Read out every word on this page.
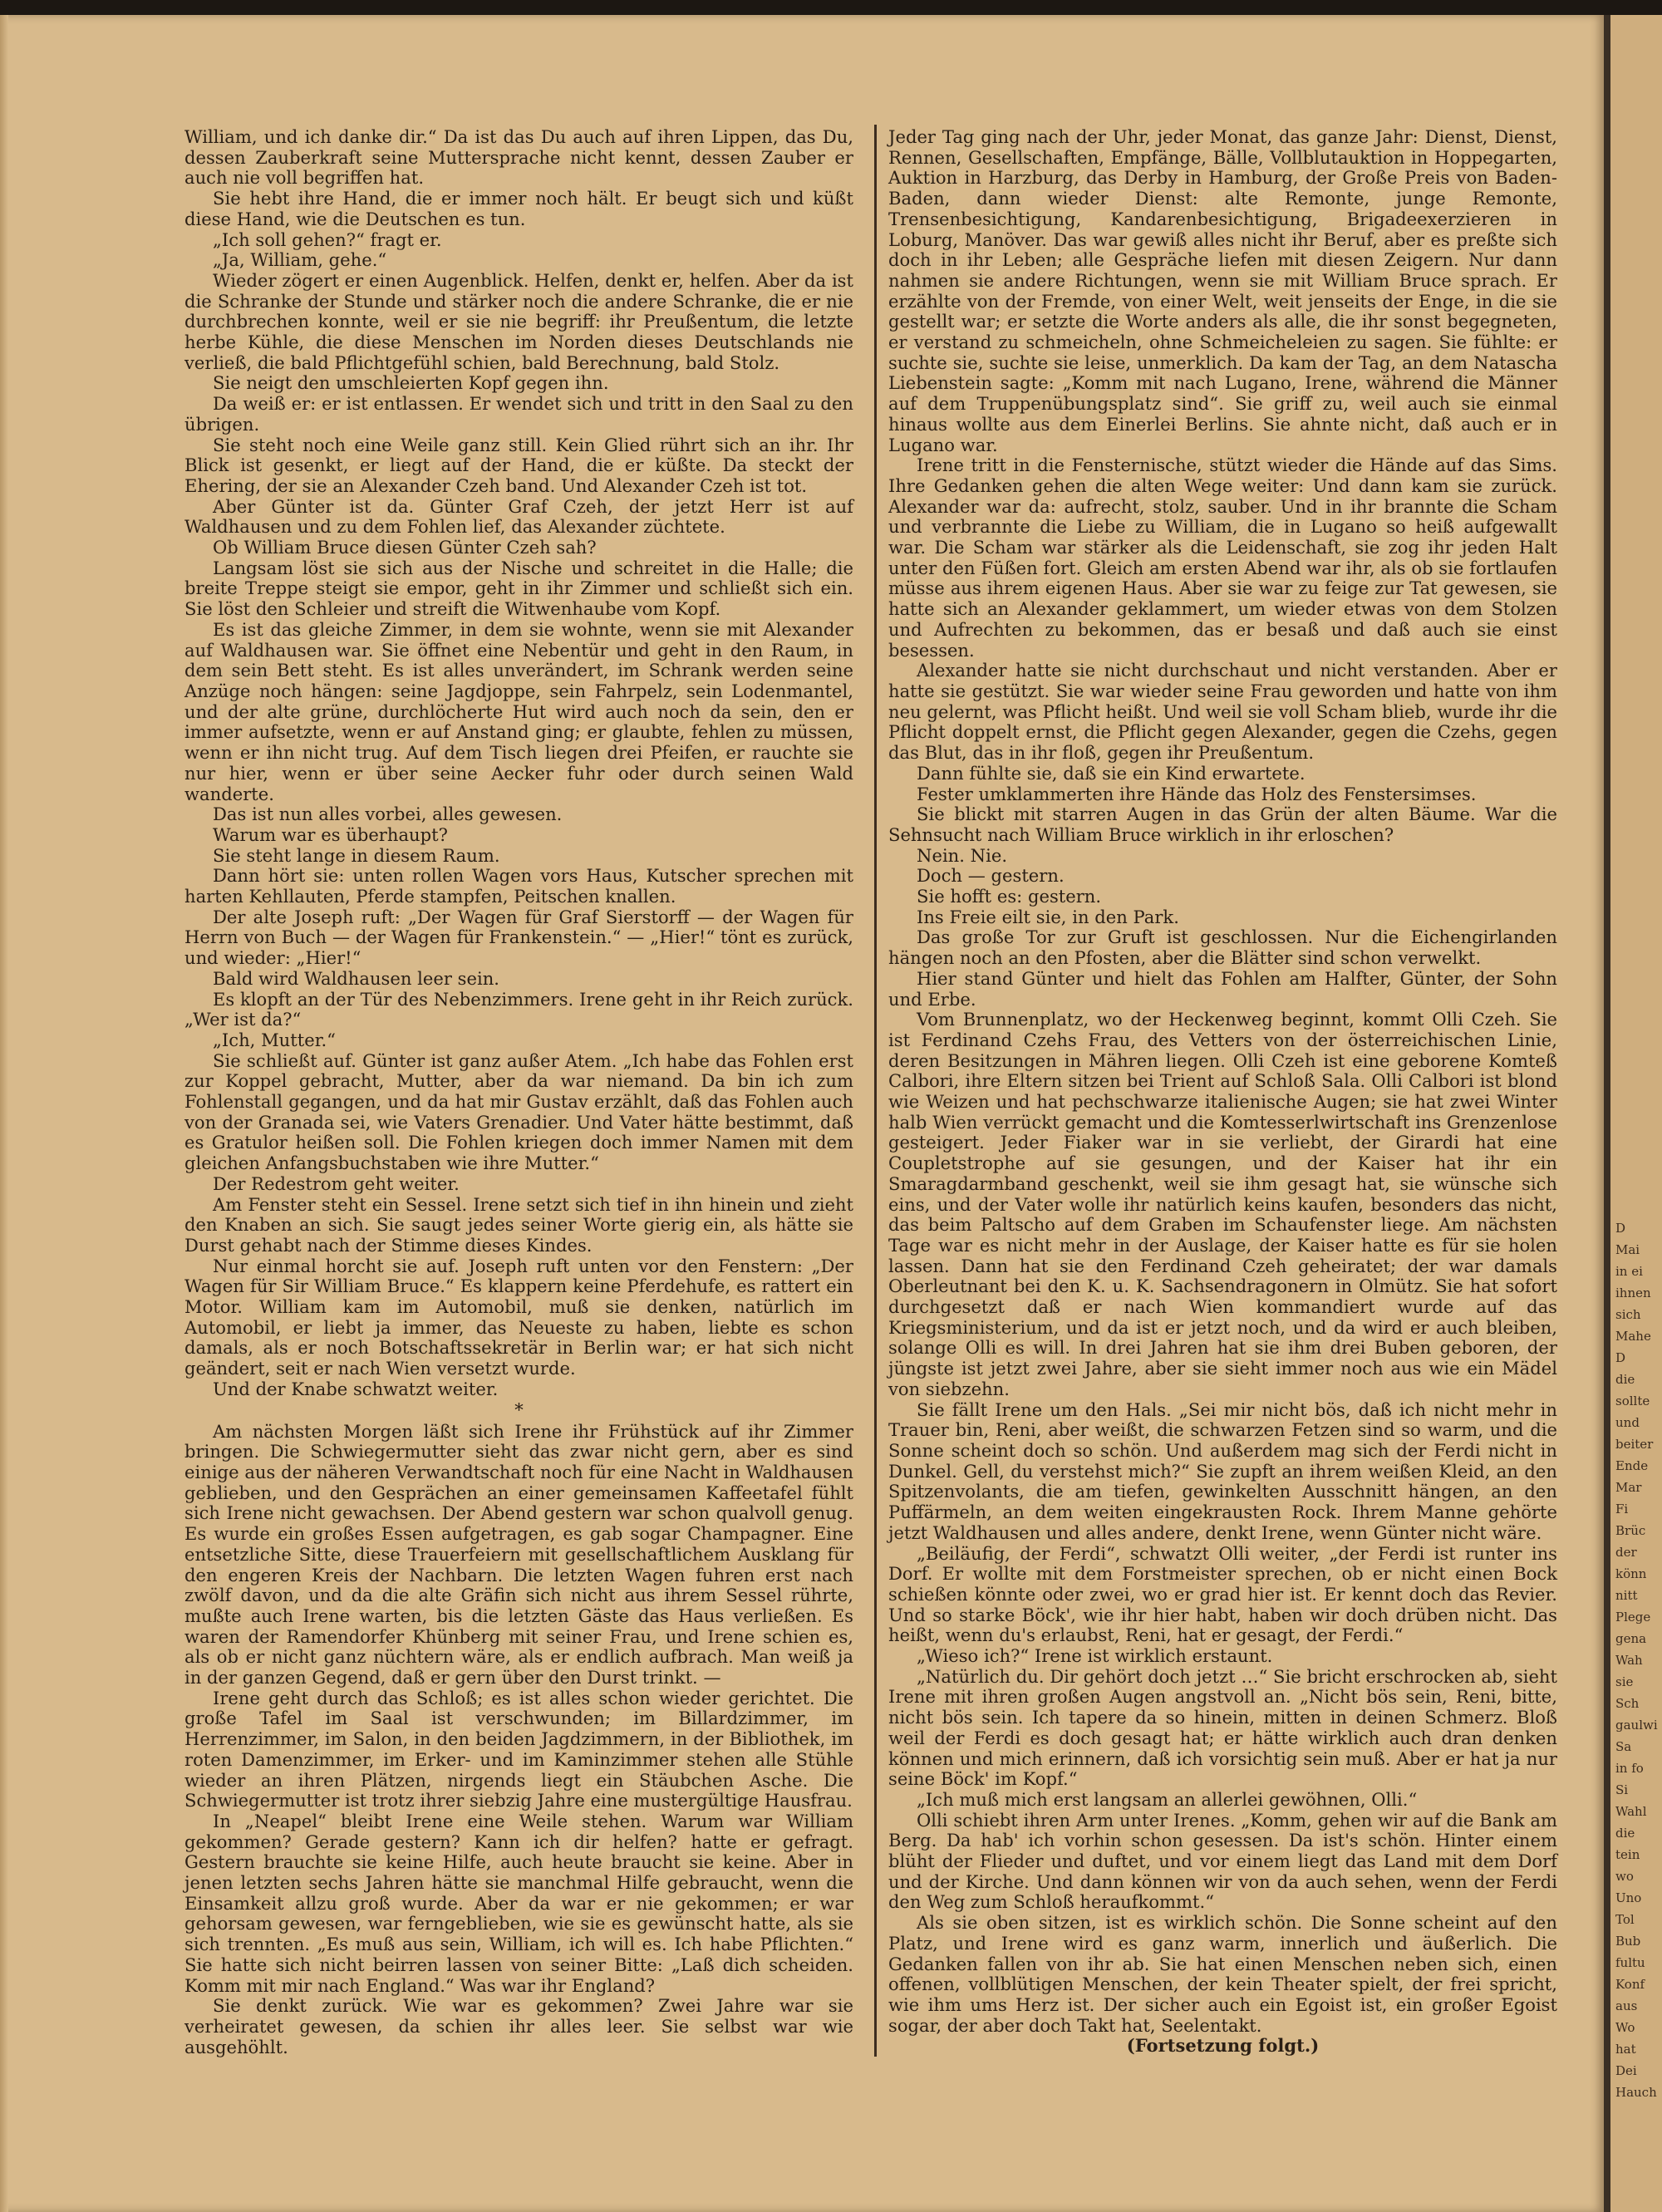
William, und ich danke dir.“ Da ist das Du auch auf ihren Lippen, das Du, dessen Zauberkraft seine Muttersprache nicht kennt, dessen Zauber er auch nie voll begriffen hat.

Sie hebt ihre Hand, die er immer noch hält. Er beugt sich und küßt diese Hand, wie die Deutschen es tun.

„Ich soll gehen?“ fragt er.

„Ja, William, gehe.“

Wieder zögert er einen Augenblick. Helfen, denkt er, helfen. Aber da ist die Schranke der Stunde und stärker noch die andere Schranke, die er nie durchbrechen konnte, weil er sie nie begriff: ihr Preußentum, die letzte herbe Kühle, die diese Menschen im Norden dieses Deutschlands nie verließ, die bald Pflichtgefühl schien, bald Berechnung, bald Stolz.

Sie neigt den umschleierten Kopf gegen ihn.

Da weiß er: er ist entlassen. Er wendet sich und tritt in den Saal zu den übrigen.

Sie steht noch eine Weile ganz still. Kein Glied rührt sich an ihr. Ihr Blick ist gesenkt, er liegt auf der Hand, die er küßte. Da steckt der Ehering, der sie an Alexander Czeh band. Und Alexander Czeh ist tot.

Aber Günter ist da. Günter Graf Czeh, der jetzt Herr ist auf Waldhausen und zu dem Fohlen lief, das Alexander züchtete.

Ob William Bruce diesen Günter Czeh sah?

Langsam löst sie sich aus der Nische und schreitet in die Halle; die breite Treppe steigt sie empor, geht in ihr Zimmer und schließt sich ein. Sie löst den Schleier und streift die Witwenhaube vom Kopf.

Es ist das gleiche Zimmer, in dem sie wohnte, wenn sie mit Alexander auf Waldhausen war. Sie öffnet eine Nebentür und geht in den Raum, in dem sein Bett steht. Es ist alles unverändert, im Schrank werden seine Anzüge noch hängen: seine Jagdjoppe, sein Fahrpelz, sein Lodenmantel, und der alte grüne, durchlöcherte Hut wird auch noch da sein, den er immer aufsetzte, wenn er auf Anstand ging; er glaubte, fehlen zu müssen, wenn er ihn nicht trug. Auf dem Tisch liegen drei Pfeifen, er rauchte sie nur hier, wenn er über seine Aecker fuhr oder durch seinen Wald wanderte.

Das ist nun alles vorbei, alles gewesen.

Warum war es überhaupt?

Sie steht lange in diesem Raum.

Dann hört sie: unten rollen Wagen vors Haus, Kutscher sprechen mit harten Kehllauten, Pferde stampfen, Peitschen knallen.

Der alte Joseph ruft: „Der Wagen für Graf Sierstorff — der Wagen für Herrn von Buch — der Wagen für Frankenstein.“ — „Hier!“ tönt es zurück, und wieder: „Hier!“

Bald wird Waldhausen leer sein.

Es klopft an der Tür des Nebenzimmers. Irene geht in ihr Reich zurück. „Wer ist da?“

„Ich, Mutter.“

Sie schließt auf. Günter ist ganz außer Atem. „Ich habe das Fohlen erst zur Koppel gebracht, Mutter, aber da war niemand. Da bin ich zum Fohlenstall gegangen, und da hat mir Gustav erzählt, daß das Fohlen auch von der Granada sei, wie Vaters Grenadier. Und Vater hätte bestimmt, daß es Gratulor heißen soll. Die Fohlen kriegen doch immer Namen mit dem gleichen Anfangsbuchstaben wie ihre Mutter.“

Der Redestrom geht weiter.

Am Fenster steht ein Sessel. Irene setzt sich tief in ihn hinein und zieht den Knaben an sich. Sie saugt jedes seiner Worte gierig ein, als hätte sie Durst gehabt nach der Stimme dieses Kindes.

Nur einmal horcht sie auf. Joseph ruft unten vor den Fenstern: „Der Wagen für Sir William Bruce.“ Es klappern keine Pferdehufe, es rattert ein Motor. William kam im Automobil, muß sie denken, natürlich im Automobil, er liebt ja immer, das Neueste zu haben, liebte es schon damals, als er noch Botschaftssekretär in Berlin war; er hat sich nicht geändert, seit er nach Wien versetzt wurde.

Und der Knabe schwatzt weiter.

*

Am nächsten Morgen läßt sich Irene ihr Frühstück auf ihr Zimmer bringen. Die Schwiegermutter sieht das zwar nicht gern, aber es sind einige aus der näheren Verwandtschaft noch für eine Nacht in Waldhausen geblieben, und den Gesprächen an einer gemeinsamen Kaffeetafel fühlt sich Irene nicht gewachsen. Der Abend gestern war schon qualvoll genug. Es wurde ein großes Essen aufgetragen, es gab sogar Champagner. Eine entsetzliche Sitte, diese Trauerfeiern mit gesellschaftlichem Ausklang für den engeren Kreis der Nachbarn. Die letzten Wagen fuhren erst nach zwölf davon, und da die alte Gräfin sich nicht aus ihrem Sessel rührte, mußte auch Irene warten, bis die letzten Gäste das Haus verließen. Es waren der Ramendorfer Khünberg mit seiner Frau, und Irene schien es, als ob er nicht ganz nüchtern wäre, als er endlich aufbrach. Man weiß ja in der ganzen Gegend, daß er gern über den Durst trinkt. —

Irene geht durch das Schloß; es ist alles schon wieder gerichtet. Die große Tafel im Saal ist verschwunden; im Billardzimmer, im Herrenzimmer, im Salon, in den beiden Jagdzimmern, in der Bibliothek, im roten Damenzimmer, im Erker- und im Kaminzimmer stehen alle Stühle wieder an ihren Plätzen, nirgends liegt ein Stäubchen Asche. Die Schwiegermutter ist trotz ihrer siebzig Jahre eine mustergültige Hausfrau.

In „Neapel“ bleibt Irene eine Weile stehen. Warum war William gekommen? Gerade gestern? Kann ich dir helfen? hatte er gefragt. Gestern brauchte sie keine Hilfe, auch heute braucht sie keine. Aber in jenen letzten sechs Jahren hätte sie manchmal Hilfe gebraucht, wenn die Einsamkeit allzu groß wurde. Aber da war er nie gekommen; er war gehorsam gewesen, war ferngeblieben, wie sie es gewünscht hatte, als sie sich trennten. „Es muß aus sein, William, ich will es. Ich habe Pflichten.“ Sie hatte sich nicht beirren lassen von seiner Bitte: „Laß dich scheiden. Komm mit mir nach England.“ Was war ihr England?

Sie denkt zurück. Wie war es gekommen? Zwei Jahre war sie verheiratet gewesen, da schien ihr alles leer. Sie selbst war wie ausgehöhlt.

Jeder Tag ging nach der Uhr, jeder Monat, das ganze Jahr: Dienst, Dienst, Rennen, Gesellschaften, Empfänge, Bälle, Vollblutauktion in Hoppegarten, Auktion in Harzburg, das Derby in Hamburg, der Große Preis von Baden-Baden, dann wieder Dienst: alte Remonte, junge Remonte, Trensenbesichtigung, Kandarenbesichtigung, Brigadeexerzieren in Loburg, Manöver. Das war gewiß alles nicht ihr Beruf, aber es preßte sich doch in ihr Leben; alle Gespräche liefen mit diesen Zeigern. Nur dann nahmen sie andere Richtungen, wenn sie mit William Bruce sprach. Er erzählte von der Fremde, von einer Welt, weit jenseits der Enge, in die sie gestellt war; er setzte die Worte anders als alle, die ihr sonst begegneten, er verstand zu schmeicheln, ohne Schmeicheleien zu sagen. Sie fühlte: er suchte sie, suchte sie leise, unmerklich. Da kam der Tag, an dem Natascha Liebenstein sagte: „Komm mit nach Lugano, Irene, während die Männer auf dem Truppenübungsplatz sind“. Sie griff zu, weil auch sie einmal hinaus wollte aus dem Einerlei Berlins. Sie ahnte nicht, daß auch er in Lugano war.

Irene tritt in die Fensternische, stützt wieder die Hände auf das Sims. Ihre Gedanken gehen die alten Wege weiter: Und dann kam sie zurück. Alexander war da: aufrecht, stolz, sauber. Und in ihr brannte die Scham und verbrannte die Liebe zu William, die in Lugano so heiß aufgewallt war. Die Scham war stärker als die Leidenschaft, sie zog ihr jeden Halt unter den Füßen fort. Gleich am ersten Abend war ihr, als ob sie fortlaufen müsse aus ihrem eigenen Haus. Aber sie war zu feige zur Tat gewesen, sie hatte sich an Alexander geklammert, um wieder etwas von dem Stolzen und Aufrechten zu bekommen, das er besaß und daß auch sie einst besessen.

Alexander hatte sie nicht durchschaut und nicht verstanden. Aber er hatte sie gestützt. Sie war wieder seine Frau geworden und hatte von ihm neu gelernt, was Pflicht heißt. Und weil sie voll Scham blieb, wurde ihr die Pflicht doppelt ernst, die Pflicht gegen Alexander, gegen die Czehs, gegen das Blut, das in ihr floß, gegen ihr Preußentum.

Dann fühlte sie, daß sie ein Kind erwartete.

Fester umklammerten ihre Hände das Holz des Fenstersimses.

Sie blickt mit starren Augen in das Grün der alten Bäume. War die Sehnsucht nach William Bruce wirklich in ihr erloschen?

Nein. Nie.

Doch — gestern.

Sie hofft es: gestern.

Ins Freie eilt sie, in den Park.

Das große Tor zur Gruft ist geschlossen. Nur die Eichengirlanden hängen noch an den Pfosten, aber die Blätter sind schon verwelkt.

Hier stand Günter und hielt das Fohlen am Halfter, Günter, der Sohn und Erbe.

Vom Brunnenplatz, wo der Heckenweg beginnt, kommt Olli Czeh. Sie ist Ferdinand Czehs Frau, des Vetters von der österreichischen Linie, deren Besitzungen in Mähren liegen. Olli Czeh ist eine geborene Komteß Calbori, ihre Eltern sitzen bei Trient auf Schloß Sala. Olli Calbori ist blond wie Weizen und hat pechschwarze italienische Augen; sie hat zwei Winter halb Wien verrückt gemacht und die Komtesserlwirtschaft ins Grenzenlose gesteigert. Jeder Fiaker war in sie verliebt, der Girardi hat eine Coupletstrophe auf sie gesungen, und der Kaiser hat ihr ein Smaragdarmband geschenkt, weil sie ihm gesagt hat, sie wünsche sich eins, und der Vater wolle ihr natürlich keins kaufen, besonders das nicht, das beim Paltscho auf dem Graben im Schaufenster liege. Am nächsten Tage war es nicht mehr in der Auslage, der Kaiser hatte es für sie holen lassen. Dann hat sie den Ferdinand Czeh geheiratet; der war damals Oberleutnant bei den K. u. K. Sachsendragonern in Olmütz. Sie hat sofort durchgesetzt daß er nach Wien kommandiert wurde auf das Kriegsministerium, und da ist er jetzt noch, und da wird er auch bleiben, solange Olli es will. In drei Jahren hat sie ihm drei Buben geboren, der jüngste ist jetzt zwei Jahre, aber sie sieht immer noch aus wie ein Mädel von siebzehn.

Sie fällt Irene um den Hals. „Sei mir nicht bös, daß ich nicht mehr in Trauer bin, Reni, aber weißt, die schwarzen Fetzen sind so warm, und die Sonne scheint doch so schön. Und außerdem mag sich der Ferdi nicht in Dunkel. Gell, du verstehst mich?“ Sie zupft an ihrem weißen Kleid, an den Spitzenvolants, die am tiefen, gewinkelten Ausschnitt hängen, an den Puffärmeln, an dem weiten eingekrausten Rock. Ihrem Manne gehörte jetzt Waldhausen und alles andere, denkt Irene, wenn Günter nicht wäre.

„Beiläufig, der Ferdi“, schwatzt Olli weiter, „der Ferdi ist runter ins Dorf. Er wollte mit dem Forstmeister sprechen, ob er nicht einen Bock schießen könnte oder zwei, wo er grad hier ist. Er kennt doch das Revier. Und so starke Böck', wie ihr hier habt, haben wir doch drüben nicht. Das heißt, wenn du's erlaubst, Reni, hat er gesagt, der Ferdi.“

„Wieso ich?“ Irene ist wirklich erstaunt.

„Natürlich du. Dir gehört doch jetzt …“ Sie bricht erschrocken ab, sieht Irene mit ihren großen Augen angstvoll an. „Nicht bös sein, Reni, bitte, nicht bös sein. Ich tapere da so hinein, mitten in deinen Schmerz. Bloß weil der Ferdi es doch gesagt hat; er hätte wirklich auch dran denken können und mich erinnern, daß ich vorsichtig sein muß. Aber er hat ja nur seine Böck' im Kopf.“

„Ich muß mich erst langsam an allerlei gewöhnen, Olli.“

Olli schiebt ihren Arm unter Irenes. „Komm, gehen wir auf die Bank am Berg. Da hab' ich vorhin schon gesessen. Da ist's schön. Hinter einem blüht der Flieder und duftet, und vor einem liegt das Land mit dem Dorf und der Kirche. Und dann können wir von da auch sehen, wenn der Ferdi den Weg zum Schloß heraufkommt.“

Als sie oben sitzen, ist es wirklich schön. Die Sonne scheint auf den Platz, und Irene wird es ganz warm, innerlich und äußerlich. Die Gedanken fallen von ihr ab. Sie hat einen Menschen neben sich, einen offenen, vollblütigen Menschen, der kein Theater spielt, der frei spricht, wie ihm ums Herz ist. Der sicher auch ein Egoist ist, ein großer Egoist sogar, der aber doch Takt hat, Seelentakt.

(Fortsetzung folgt.)

D
Mai
in ei
ihnen
sich
Mahe
D
die
sollte
und
beiter
Ende
Mar
Fi
Brüc
der
könn
nitt
Plege
gena
Wah
sie
Sch
gaulwi
Sa
in fo
Si
Wahl
die
tein
wo
Uno
Tol
Bub
fultu
Konf
aus
Wo
hat
Dei
Hauch
